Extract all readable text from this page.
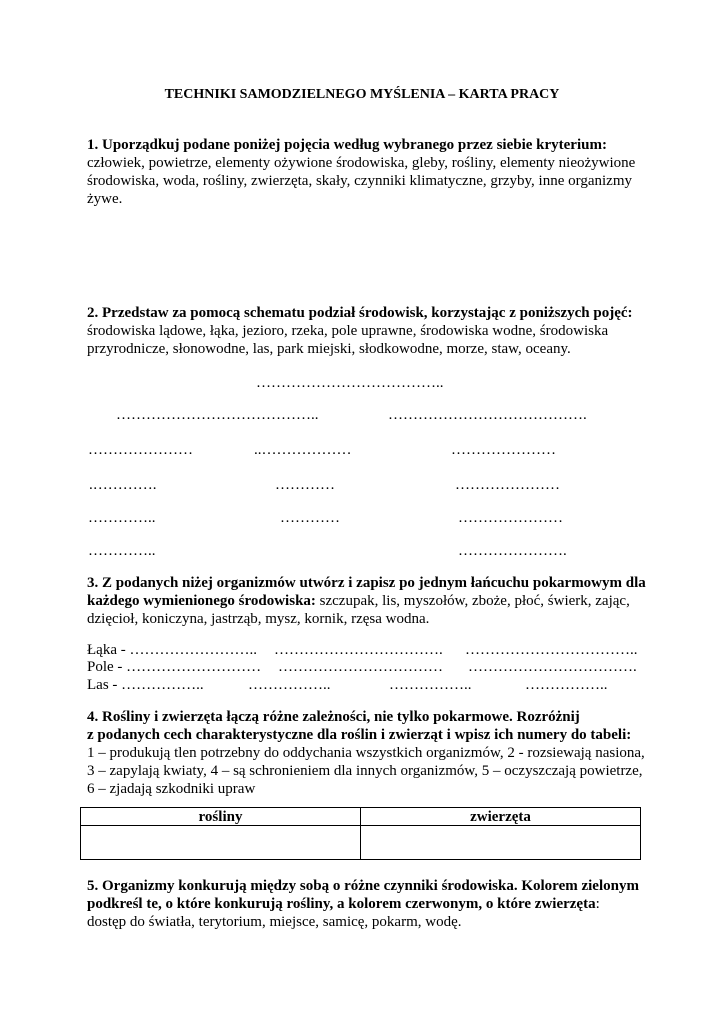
TECHNIKI SAMODZIELNEGO MYŚLENIA – KARTA PRACY
1. Uporządkuj podane poniżej pojęcia według wybranego przez siebie kryterium:
człowiek, powietrze, elementy ożywione środowiska, gleby, rośliny, elementy nieożywione
środowiska, woda, rośliny, zwierzęta, skały, czynniki klimatyczne, grzyby, inne organizmy
żywe.
2. Przedstaw za pomocą schematu podział środowisk, korzystając z poniższych pojęć:
środowiska lądowe, łąka, jezioro, rzeka, pole uprawne, środowiska wodne, środowiska
przyrodnicze, słonowodne, las, park miejski, słodkowodne, morze, staw, oceany.
………………………………..
…………………………………..	………………………………….
…………………	..………………	…………………
.………….	…………	…………………
…………..	…………	…………………
…………..	………………….
3. Z podanych niżej organizmów utwórz i zapisz po jednym łańcuchu pokarmowym dla
każdego wymienionego środowiska: szczupak, lis, myszołów, zboże, płoć, świerk, zając,
dzięcioł, koniczyna, jastrząb, mysz, kornik, rzęsa wodna.
Łąka - …………………….. ……………………………. ……………………………..
Pole - ……………………… …………………………… …………………………….
Las - ……………..	……………..	……………..	……………..
4. Rośliny i zwierzęta łączą różne zależności, nie tylko pokarmowe. Rozróżnij
z podanych cech charakterystyczne dla roślin i zwierząt i wpisz ich numery do tabeli:
1 – produkują tlen potrzebny do oddychania wszystkich organizmów, 2 - rozsiewają nasiona,
3 – zapylają kwiaty, 4 – są schronieniem dla innych organizmów, 5 – oczyszczają powietrze,
6 – zjadają szkodniki upraw
rośliny	zwierzęta

5. Organizmy konkurują między sobą o różne czynniki środowiska. Kolorem zielonym
podkreśl te, o które konkurują rośliny, a kolorem czerwonym, o które zwierzęta:
dostęp do światła, terytorium, miejsce, samicę, pokarm, wodę.
